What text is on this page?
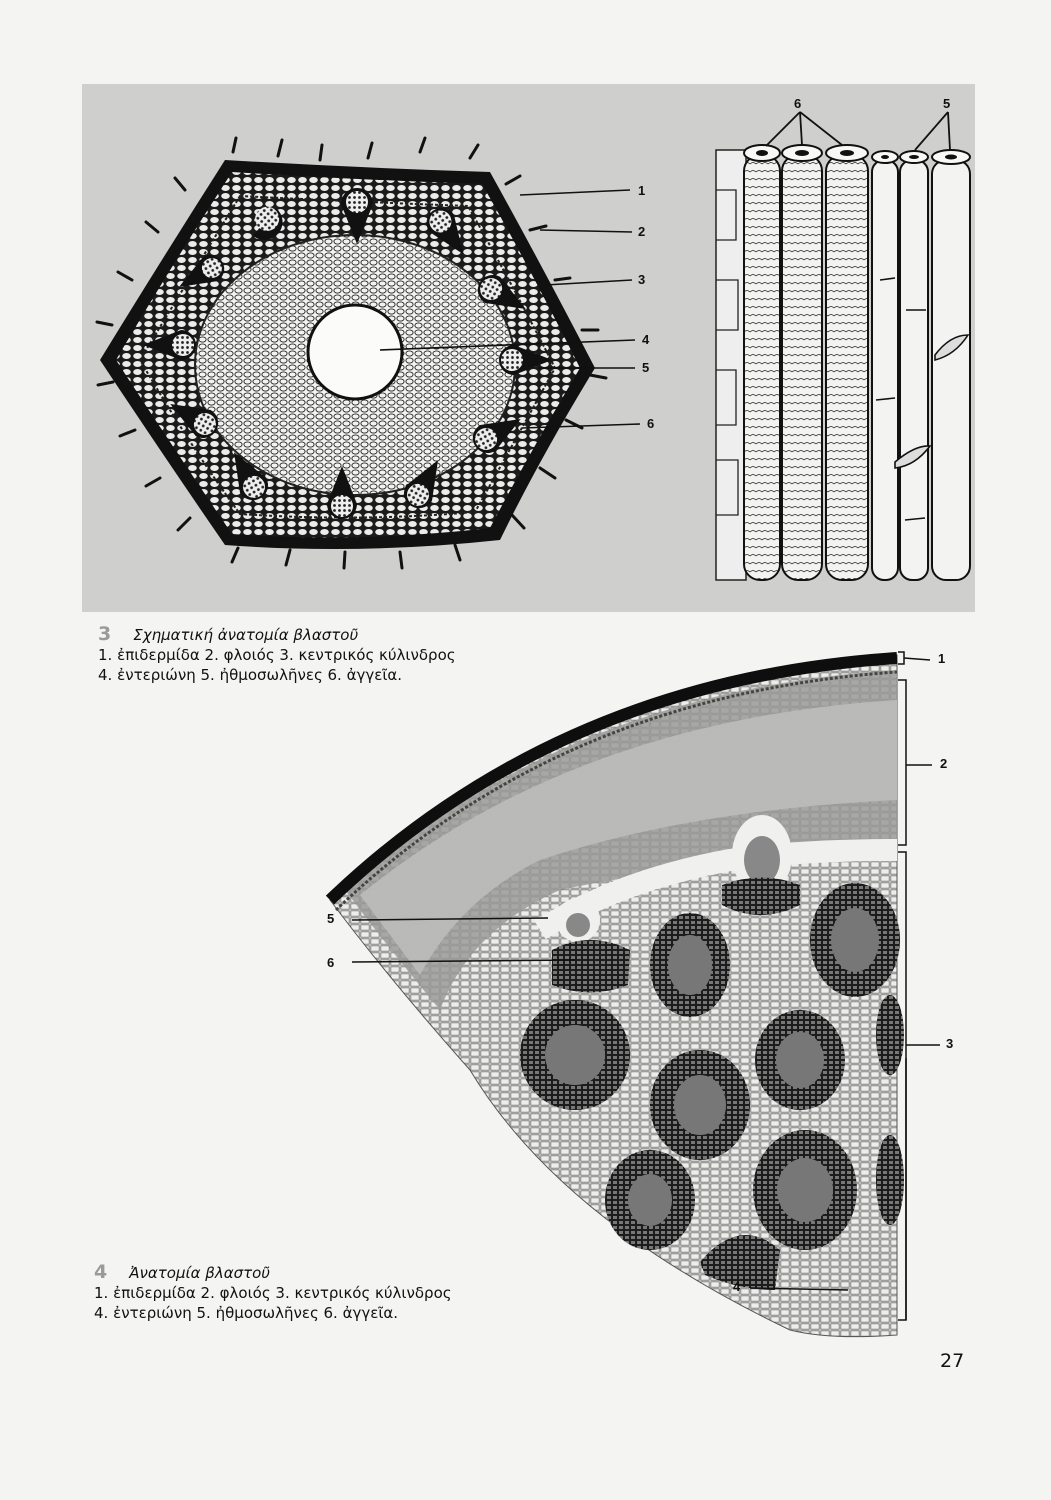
1
2
3
4
5
6
6	5
3 Σχηματική ἀνατομία βλαστοῦ
1. ἐπιδερμίδα 2. φλοιός 3. κεντρικός κύλινδρος
4. ἐντεριώνη 5. ἠθμοσωλῆνες 6. ἀγγεῖα.
5
6
1
2
3
4
4 Ἀνατομία βλαστοῦ
1. ἐπιδερμίδα 2. φλοιός 3. κεντρικός κύλινδρος
4. ἐντεριώνη 5. ἠθμοσωλῆνες 6. ἀγγεῖα.
27
